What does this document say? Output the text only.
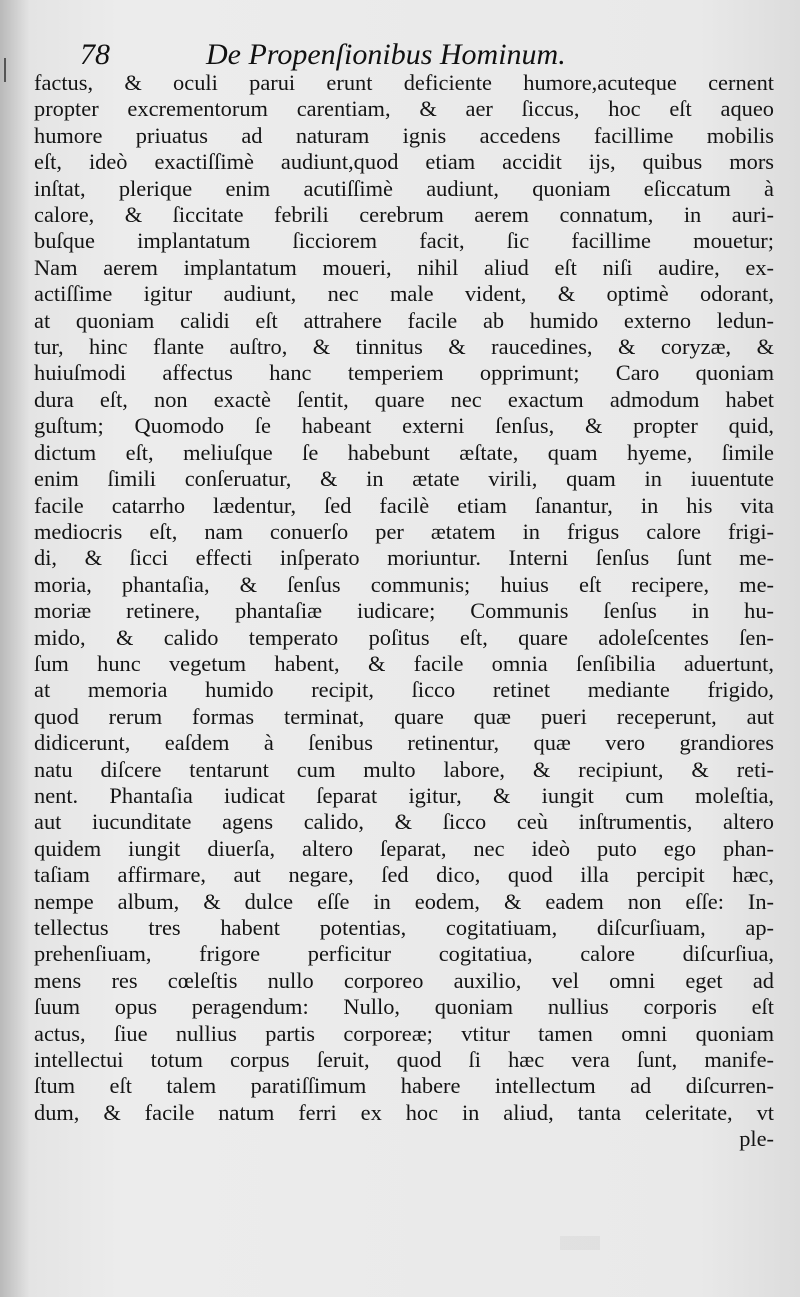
78	De Propenſionibus Hominum.
factus, & oculi parui erunt deficiente humore,acuteque cernent
propter excrementorum carentiam, & aer ſiccus, hoc eſt aqueo
humore priuatus ad naturam ignis accedens facillime mobilis
eſt, ideò exactiſſimè audiunt,quod etiam accidit ijs, quibus mors
inſtat, plerique enim acutiſſimè audiunt, quoniam eſiccatum à
calore, & ſiccitate febrili cerebrum aerem connatum, in auri-
buſque implantatum ſicciorem facit, ſic facillime mouetur;
Nam aerem implantatum moueri, nihil aliud eſt niſi audire, ex-
actiſſime igitur audiunt, nec male vident, & optimè odorant,
at quoniam calidi eſt attrahere facile ab humido externo ledun-
tur, hinc flante auſtro, & tinnitus & raucedines, & coryzæ, &
huiuſmodi affectus hanc temperiem opprimunt; Caro quoniam
dura eſt, non exactè ſentit, quare nec exactum admodum habet
guſtum; Quomodo ſe habeant externi ſenſus, & propter quid,
dictum eſt, meliuſque ſe habebunt æſtate, quam hyeme, ſimile
enim ſimili conſeruatur, & in ætate virili, quam in iuuentute
facile catarrho lædentur, ſed facilè etiam ſanantur, in his vita
mediocris eſt, nam conuerſo per ætatem in frigus calore frigi-
di, & ſicci effecti inſperato moriuntur. Interni ſenſus ſunt me-
moria, phantaſia, & ſenſus communis; huius eſt recipere, me-
moriæ retinere, phantaſiæ iudicare; Communis ſenſus in hu-
mido, & calido temperato poſitus eſt, quare adoleſcentes ſen-
ſum hunc vegetum habent, & facile omnia ſenſibilia aduertunt,
at memoria humido recipit, ſicco retinet mediante frigido,
quod rerum formas terminat, quare quæ pueri receperunt, aut
didicerunt, eaſdem à ſenibus retinentur, quæ vero grandiores
natu diſcere tentarunt cum multo labore, & recipiunt, & reti-
nent. Phantaſia iudicat ſeparat igitur, & iungit cum moleſtia,
aut iucunditate agens calido, & ſicco ceù inſtrumentis, altero
quidem iungit diuerſa, altero ſeparat, nec ideò puto ego phan-
taſiam affirmare, aut negare, ſed dico, quod illa percipit hæc,
nempe album, & dulce eſſe in eodem, & eadem non eſſe: In-
tellectus tres habent potentias, cogitatiuam, diſcurſiuam, ap-
prehenſiuam, frigore perficitur cogitatiua, calore diſcurſiua,
mens res cœleſtis nullo corporeo auxilio, vel omni eget ad
ſuum opus peragendum: Nullo, quoniam nullius corporis eſt
actus, ſiue nullius partis corporeæ; vtitur tamen omni quoniam
intellectui totum corpus ſeruit, quod ſi hæc vera ſunt, manife-
ſtum eſt talem paratiſſimum habere intellectum ad diſcurren-
dum, & facile natum ferri ex hoc in aliud, tanta celeritate, vt
ple-
